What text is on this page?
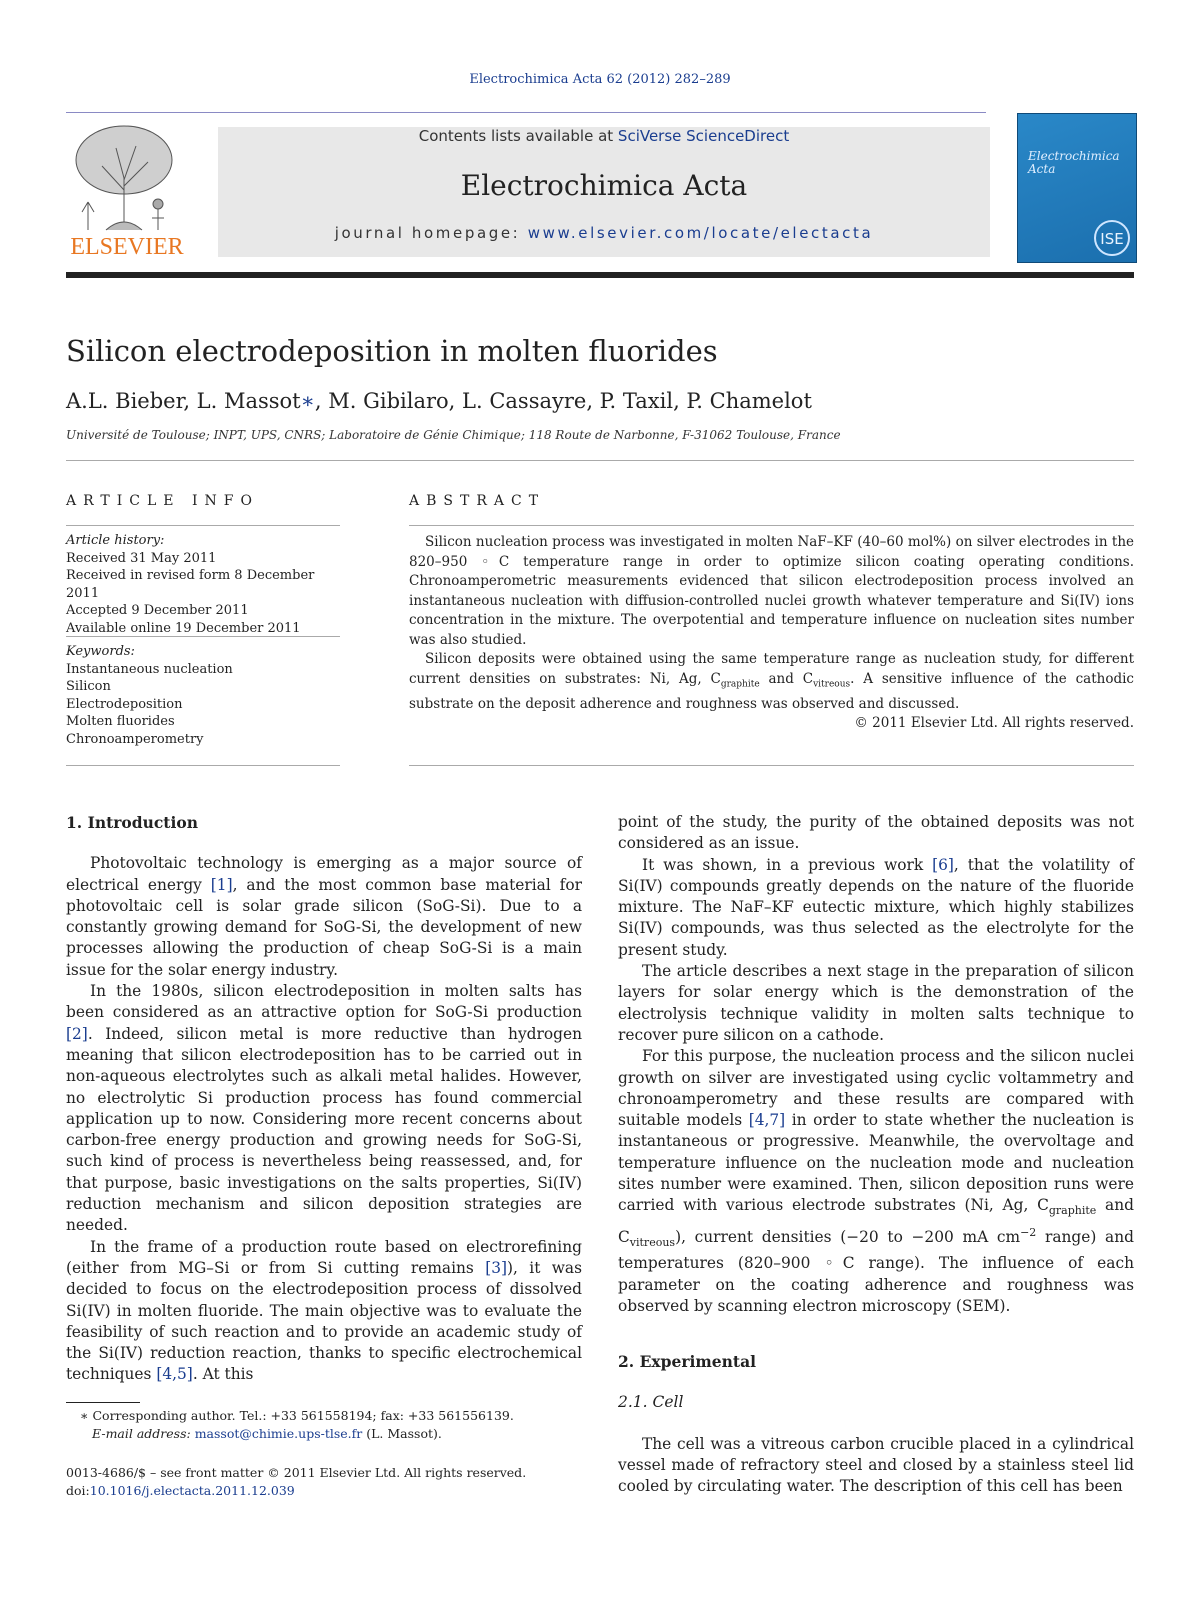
Electrochimica Acta 62 (2012) 282–289
ELSEVIER
Contents lists available at SciVerse ScienceDirect
Electrochimica Acta
journal homepage: www.elsevier.com/locate/electacta
Electrochimica Acta
ISE
Silicon electrodeposition in molten fluorides
A.L. Bieber, L. Massot∗, M. Gibilaro, L. Cassayre, P. Taxil, P. Chamelot
Université de Toulouse; INPT, UPS, CNRS; Laboratoire de Génie Chimique; 118 Route de Narbonne, F-31062 Toulouse, France
ARTICLE INFO
Article history:
Received 31 May 2011
Received in revised form 8 December 2011
Accepted 9 December 2011
Available online 19 December 2011
Keywords:
Instantaneous nucleation
Silicon
Electrodeposition
Molten fluorides
Chronoamperometry
ABSTRACT

Silicon nucleation process was investigated in molten NaF–KF (40–60 mol%) on silver electrodes in the 820–950 ◦C temperature range in order to optimize silicon coating operating conditions. Chronoamperometric measurements evidenced that silicon electrodeposition process involved an instantaneous nucleation with diffusion-controlled nuclei growth whatever temperature and Si(IV) ions concentration in the mixture. The overpotential and temperature influence on nucleation sites number was also studied.

Silicon deposits were obtained using the same temperature range as nucleation study, for different current densities on substrates: Ni, Ag, $C_{graphite}$ and $C_{vitreous}$. A sensitive influence of the cathodic substrate on the deposit adherence and roughness was observed and discussed.

© 2011 Elsevier Ltd. All rights reserved.
1. Introduction

Photovoltaic technology is emerging as a major source of electrical energy [1], and the most common base material for photovoltaic cell is solar grade silicon (SoG-Si). Due to a constantly growing demand for SoG-Si, the development of new processes allowing the production of cheap SoG-Si is a main issue for the solar energy industry.

In the 1980s, silicon electrodeposition in molten salts has been considered as an attractive option for SoG-Si production [2]. Indeed, silicon metal is more reductive than hydrogen meaning that silicon electrodeposition has to be carried out in non-aqueous electrolytes such as alkali metal halides. However, no electrolytic Si production process has found commercial application up to now. Considering more recent concerns about carbon-free energy production and growing needs for SoG-Si, such kind of process is nevertheless being reassessed, and, for that purpose, basic investigations on the salts properties, Si(IV) reduction mechanism and silicon deposition strategies are needed.

In the frame of a production route based on electrorefining (either from MG–Si or from Si cutting remains [3]), it was decided to focus on the electrodeposition process of dissolved Si(IV) in molten fluoride. The main objective was to evaluate the feasibility of such reaction and to provide an academic study of the Si(IV) reduction reaction, thanks to specific electrochemical techniques [4,5]. At this

point of the study, the purity of the obtained deposits was not considered as an issue.

It was shown, in a previous work [6], that the volatility of Si(IV) compounds greatly depends on the nature of the fluoride mixture. The NaF–KF eutectic mixture, which highly stabilizes Si(IV) compounds, was thus selected as the electrolyte for the present study.

The article describes a next stage in the preparation of silicon layers for solar energy which is the demonstration of the electrolysis technique validity in molten salts technique to recover pure silicon on a cathode.

For this purpose, the nucleation process and the silicon nuclei growth on silver are investigated using cyclic voltammetry and chronoamperometry and these results are compared with suitable models [4,7] in order to state whether the nucleation is instantaneous or progressive. Meanwhile, the overvoltage and temperature influence on the nucleation mode and nucleation sites number were examined. Then, silicon deposition runs were carried with various electrode substrates (Ni, Ag, $C_{graphite}$ and $C_{vitreous}$), current densities (−20 to −200 mA $cm^{-2}$ range) and temperatures (820–900 ◦C range). The influence of each parameter on the coating adherence and roughness was observed by scanning electron microscopy (SEM).

2. Experimental
2.1. Cell

The cell was a vitreous carbon crucible placed in a cylindrical vessel made of refractory steel and closed by a stainless steel lid cooled by circulating water. The description of this cell has been

∗ Corresponding author. Tel.: +33 561558194; fax: +33 561556139.
E-mail address: massot@chimie.ups-tlse.fr (L. Massot).
0013-4686/$ – see front matter © 2011 Elsevier Ltd. All rights reserved.
doi:10.1016/j.electacta.2011.12.039
